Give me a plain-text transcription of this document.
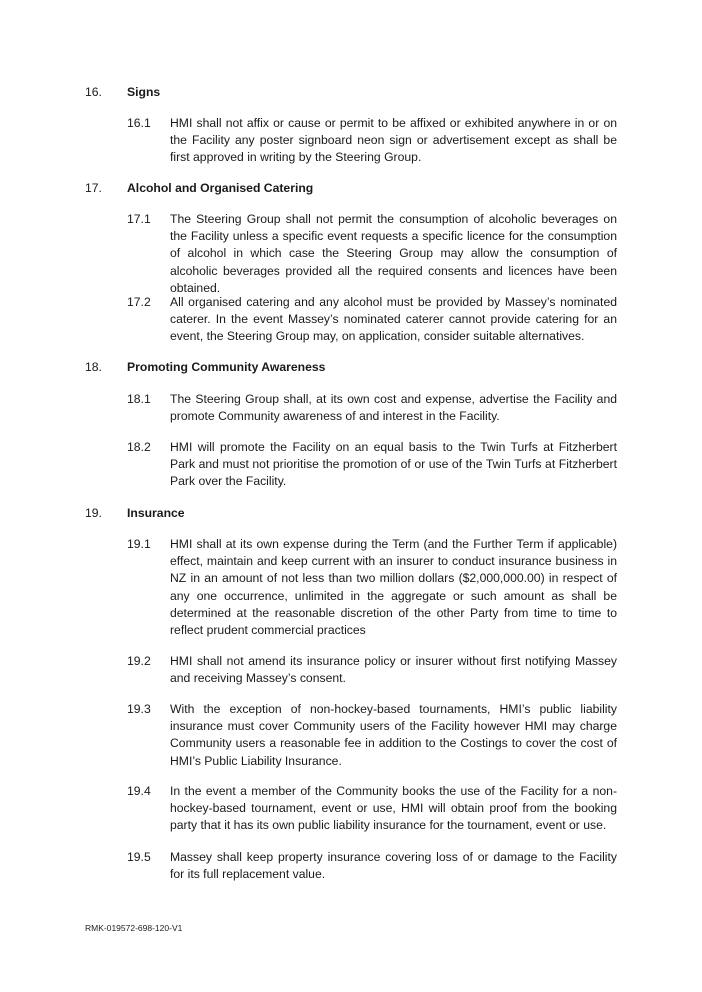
16. Signs
16.1 HMI shall not affix or cause or permit to be affixed or exhibited anywhere in or on the Facility any poster signboard neon sign or advertisement except as shall be first approved in writing by the Steering Group.
17. Alcohol and Organised Catering
17.1 The Steering Group shall not permit the consumption of alcoholic beverages on the Facility unless a specific event requests a specific licence for the consumption of alcohol in which case the Steering Group may allow the consumption of alcoholic beverages provided all the required consents and licences have been obtained.
17.2 All organised catering and any alcohol must be provided by Massey’s nominated caterer. In the event Massey’s nominated caterer cannot provide catering for an event, the Steering Group may, on application, consider suitable alternatives.
18. Promoting Community Awareness
18.1 The Steering Group shall, at its own cost and expense, advertise the Facility and promote Community awareness of and interest in the Facility.
18.2 HMI will promote the Facility on an equal basis to the Twin Turfs at Fitzherbert Park and must not prioritise the promotion of or use of the Twin Turfs at Fitzherbert Park over the Facility.
19. Insurance
19.1 HMI shall at its own expense during the Term (and the Further Term if applicable) effect, maintain and keep current with an insurer to conduct insurance business in NZ in an amount of not less than two million dollars ($2,000,000.00) in respect of any one occurrence, unlimited in the aggregate or such amount as shall be determined at the reasonable discretion of the other Party from time to time to reflect prudent commercial practices
19.2 HMI shall not amend its insurance policy or insurer without first notifying Massey and receiving Massey’s consent.
19.3 With the exception of non-hockey-based tournaments, HMI’s public liability insurance must cover Community users of the Facility however HMI may charge Community users a reasonable fee in addition to the Costings to cover the cost of HMI’s Public Liability Insurance.
19.4 In the event a member of the Community books the use of the Facility for a non-hockey-based tournament, event or use, HMI will obtain proof from the booking party that it has its own public liability insurance for the tournament, event or use.
19.5 Massey shall keep property insurance covering loss of or damage to the Facility for its full replacement value.
RMK-019572-698-120-V1
